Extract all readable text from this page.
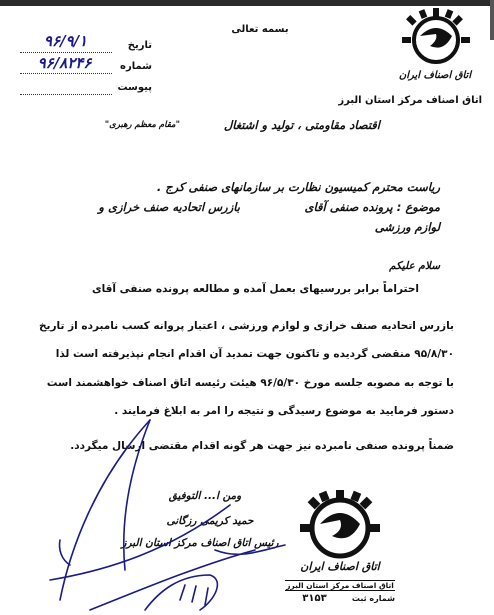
اتاق اصناف ایران
اتاق اصناف مرکز استان البرز
بسمه تعالی
تاریخ
شماره
پیوست
۹۶/۹/۱
۹۶/۸۲۴۶
اقتصاد مقاومتی ، تولید و اشتغال
"مقام معظم رهبری"
ریاست محترم کمیسیون نظارت بر سازمانهای صنفی کرج .
موضوع : پرونده صنفی آقای
بازرس اتحادیه صنف خرازی و
لوازم ورزشی
سلام علیکم
احتراماً برابر بررسیهای بعمل آمده و مطالعه پرونده صنفی آقای
بازرس اتحادیه صنف خرازی و لوازم ورزشی ، اعتبار پروانه کسب نامبرده از تاریخ
۹۵/۸/۳۰ منقضی گردیده و تاکنون جهت تمدید آن اقدام انجام نپذیرفته است لذا
با توجه به مصوبه جلسه مورخ ۹۶/۵/۳۰ هیئت رئیسه اتاق اصناف خواهشمند است
دستور فرمایید به موضوع رسیدگی و نتیجه را امر به ابلاغ فرمایند .
ضمناً پرونده صنفی نامبرده نیز جهت هر گونه اقدام مقتضی ارسال میگردد.
ومن ا... التوفیق
حمید کریمی رزگانی
رئیس اتاق اصناف مرکز استان البرز
اتاق اصناف ایران
اتاق اصناف مرکز استان البرز
شماره ثبت
۳۱۵۳
